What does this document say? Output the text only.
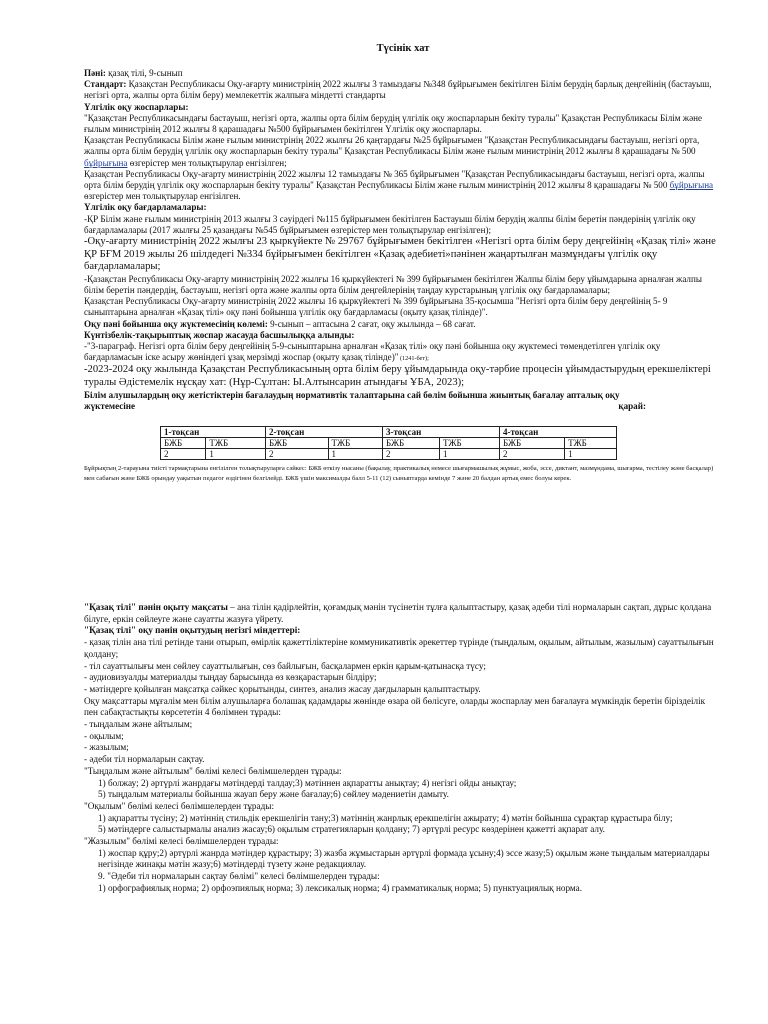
Түсінік хат

Пәні: қазақ тілі, 9-сынып

Стандарт: Қазақстан Республикасы Оқу-ағарту министрінің 2022 жылғы 3 тамыздағы №348 бұйрығымен бекітілген Білім берудің барлық деңгейінің (бастауыш, негізгі орта, жалпы орта білім беру) мемлекеттік жалпыға міндетті стандарты

Үлгілік оқу жоспарлары:

"Қазақстан Республикасындағы бастауыш, негізгі орта, жалпы орта білім берудің үлгілік оқу жоспарларын бекіту туралы" Қазақстан Республикасы Білім және ғылым министрінің 2012 жылғы 8 қарашадағы №500 бұйрығымен бекітілген Үлгілік оқу жоспарлары.

Қазақстан Республикасы Білім және ғылым министрінің 2022 жылғы 26 қаңтардағы №25 бұйрығымен "Қазақстан Республикасындағы бастауыш, негізгі орта, жалпы орта білім берудің үлгілік оқу жоспарларын бекіту туралы" Қазақстан Республикасы Білім және ғылым министрінің 2012 жылғы 8 қарашадағы № 500 бұйрығына өзгерістер мен толықтырулар енгізілген;

Қазақстан Республикасы Оқу-ағарту министрінің 2022 жылғы 12 тамыздағы № 365 бұйрығымен "Қазақстан Республикасындағы бастауыш, негізгі орта, жалпы орта білім берудің үлгілік оқу жоспарларын бекіту туралы" Қазақстан Республикасы Білім және ғылым министрінің 2012 жылғы 8 қарашадағы № 500 бұйрығына өзгерістер мен толықтырулар енгізілген.

Үлгілік оқу бағдарламалары:

-ҚР Білім және ғылым министрінің 2013 жылғы 3 сәуірдегі №115 бұйрығымен бекітілген Бастауыш білім берудің жалпы білім беретін пәндерінің үлгілік оқу бағдарламалары (2017 жылғы 25 қазандағы №545 бұйрығымен өзгерістер мен толықтырулар енгізілген);

-Оқу-ағарту министрінің 2022 жылғы 23 қыркүйекте № 29767 бұйрығымен бекітілген «Негізгі орта білім беру деңгейінің «Қазақ тілі» және ҚР БҒМ 2019 жылы 26 шілдедегі №334 бұйрығымен бекітілген «Қазақ әдебиеті»пәнінен жаңартылған мазмұндағы үлгілік оқу бағдарламалары;

-Қазақстан Республикасы Оқу-ағарту министрінің 2022 жылғы 16 қыркүйектегі № 399 бұйрығымен бекітілген Жалпы білім беру ұйымдарына арналған жалпы білім беретін пәндердің, бастауыш, негізгі орта және жалпы орта білім деңгейлерінің таңдау курстарының үлгілік оқу бағдарламалары;

Қазақстан Республикасы Оқу-ағарту министрінің 2022 жылғы 16 қыркүйектегі № 399 бұйрығына 35-қосымша "Негізгі орта білім беру деңгейінің 5- 9 сыныптарына арналған «Қазақ тілі» оқу пәні бойынша үлгілік оқу бағдарламасы (оқыту қазақ тілінде)".

Оқу пәні бойынша оқу жүктемесінің көлемі: 9-сынып – аптасына 2 сағат, оқу жылында – 68 сағат.

Күнтізбелік-тақырыптық жоспар жасауда басшылыққа алынды:

-"3-параграф. Негізгі орта білім беру деңгейінің 5-9-сыныптарына арналған «Қазақ тілі» оқу пәні бойынша оқу жүктемесі төмендетілген үлгілік оқу бағдарламасын іске асыру жөніндегі ұзақ мерзімді жоспар (оқыту қазақ тілінде)" (1241-бет);

-2023-2024 оқу жылында Қазақстан Республикасының орта білім беру ұйымдарында оқу-тәрбие процесін ұйымдастырудың ерекшеліктері туралы Әдістемелік нұсқау хат: (Нұр-Сұлтан: Ы.Алтынсарин атындағы ҰБА, 2023);

Білім алушылардың оқу жетістіктерін бағалаудың нормативтік талаптарына сай бөлім бойынша жиынтық бағалау апталық оқу жүктемесіне	қарай:

1-тоқсан		2-тоқсан		3-тоқсан		4-тоқсан	
БЖБ	ТЖБ	БЖБ	ТЖБ	БЖБ	ТЖБ	БЖБ	ТЖБ
2	1	2	1	2	1	2	1
Бұйрықтың 2-тарауына тиісті тармақтарына енгізілген толықтыруларға сәйкес: БЖБ өткізу нысаны (бақылау, практикалық немесе шығармашылық жұмыс, жоба, эссе, диктант, мазмұндама, шығарма, тестілеу және басқалар) мен сабағын және БЖБ орындау уақытын педагог өздігінен белгілейді. БЖБ үшін максималды балл 5-11 (12) сыныптарда кемінде 7 және 20 балдан артық емес болуы керек.

"Қазақ тілі" пәнін оқыту мақсаты – ана тілін қадірлейтін, қоғамдық мәнін түсінетін тұлға қалыптастыру, қазақ әдеби тілі нормаларын сақтап, дұрыс қолдана білуге, еркін сөйлеуге және сауатты жазуға үйрету.

"Қазақ тілі" оқу пәнін оқытудың негізгі міндеттері:

- қазақ тілін ана тілі ретінде тани отырып, өмірлік қажеттіліктеріне коммуникативтік әрекеттер түрінде (тыңдалым, оқылым, айтылым, жазылым) сауаттылығын қолдану;

- тіл сауаттылығы мен сөйлеу сауаттылығын, сөз байлығын, басқалармен еркін қарым-қатынасқа түсу;

- аудиовизуалды материалды тыңдау барысында өз көзқарастарын білдіру;

- мәтіндерге қойылған мақсатқа сәйкес қорытынды, синтез, анализ жасау дағдыларын қалыптастыру.

Оқу мақсаттары мұғалім мен білім алушыларға болашақ қадамдары жөнінде өзара ой бөлісуге, оларды жоспарлау мен бағалауға мүмкіндік беретін біріздеілік пен сабақтастықты көрсететін 4 бөлімнен тұрады:

- тыңдалым және айтылым;

- оқылым;

- жазылым;

- әдеби тіл нормаларын сақтау.

"Тыңдалым және айтылым" бөлімі келесі бөлімшелерден тұрады:

1) болжау; 2) әртүрлі жанрдағы мәтіндерді талдау;3) мәтіннен ақпаратты анықтау; 4) негізгі ойды анықтау;

5) тыңдалым материалы бойынша жауап беру және бағалау;6) сөйлеу мәдениетін дамыту.

"Оқылым" бөлімі келесі бөлімшелерден тұрады:

1) ақпаратты түсіну; 2) мәтіннің стильдік ерекшелігін тану;3) мәтіннің жанрлық ерекшелігін ажырату; 4) мәтін бойынша сұрақтар құрастыра білу;

5) мәтіндерге салыстырмалы анализ жасау;6) оқылым стратегияларын қолдану; 7) әртүрлі ресурс көздерінен қажетті ақпарат алу.

"Жазылым" бөлімі келесі бөлімшелерден тұрады:

1) жоспар құру;2) әртүрлі жанрда мәтіндер құрастыру; 3) жазба жұмыстарын әртүрлі формада ұсыну;4) эссе жазу;5) оқылым және тыңдалым материалдары негізінде жинақы мәтін жазу;6) мәтіндерді түзету және редакциялау.

9. "Әдеби тіл нормаларын сақтау бөлімі" келесі бөлімшелерден тұрады:

1) орфографиялық норма; 2) орфоэпиялық норма; 3) лексикалық норма; 4) грамматикалық норма; 5) пунктуациялық норма.
